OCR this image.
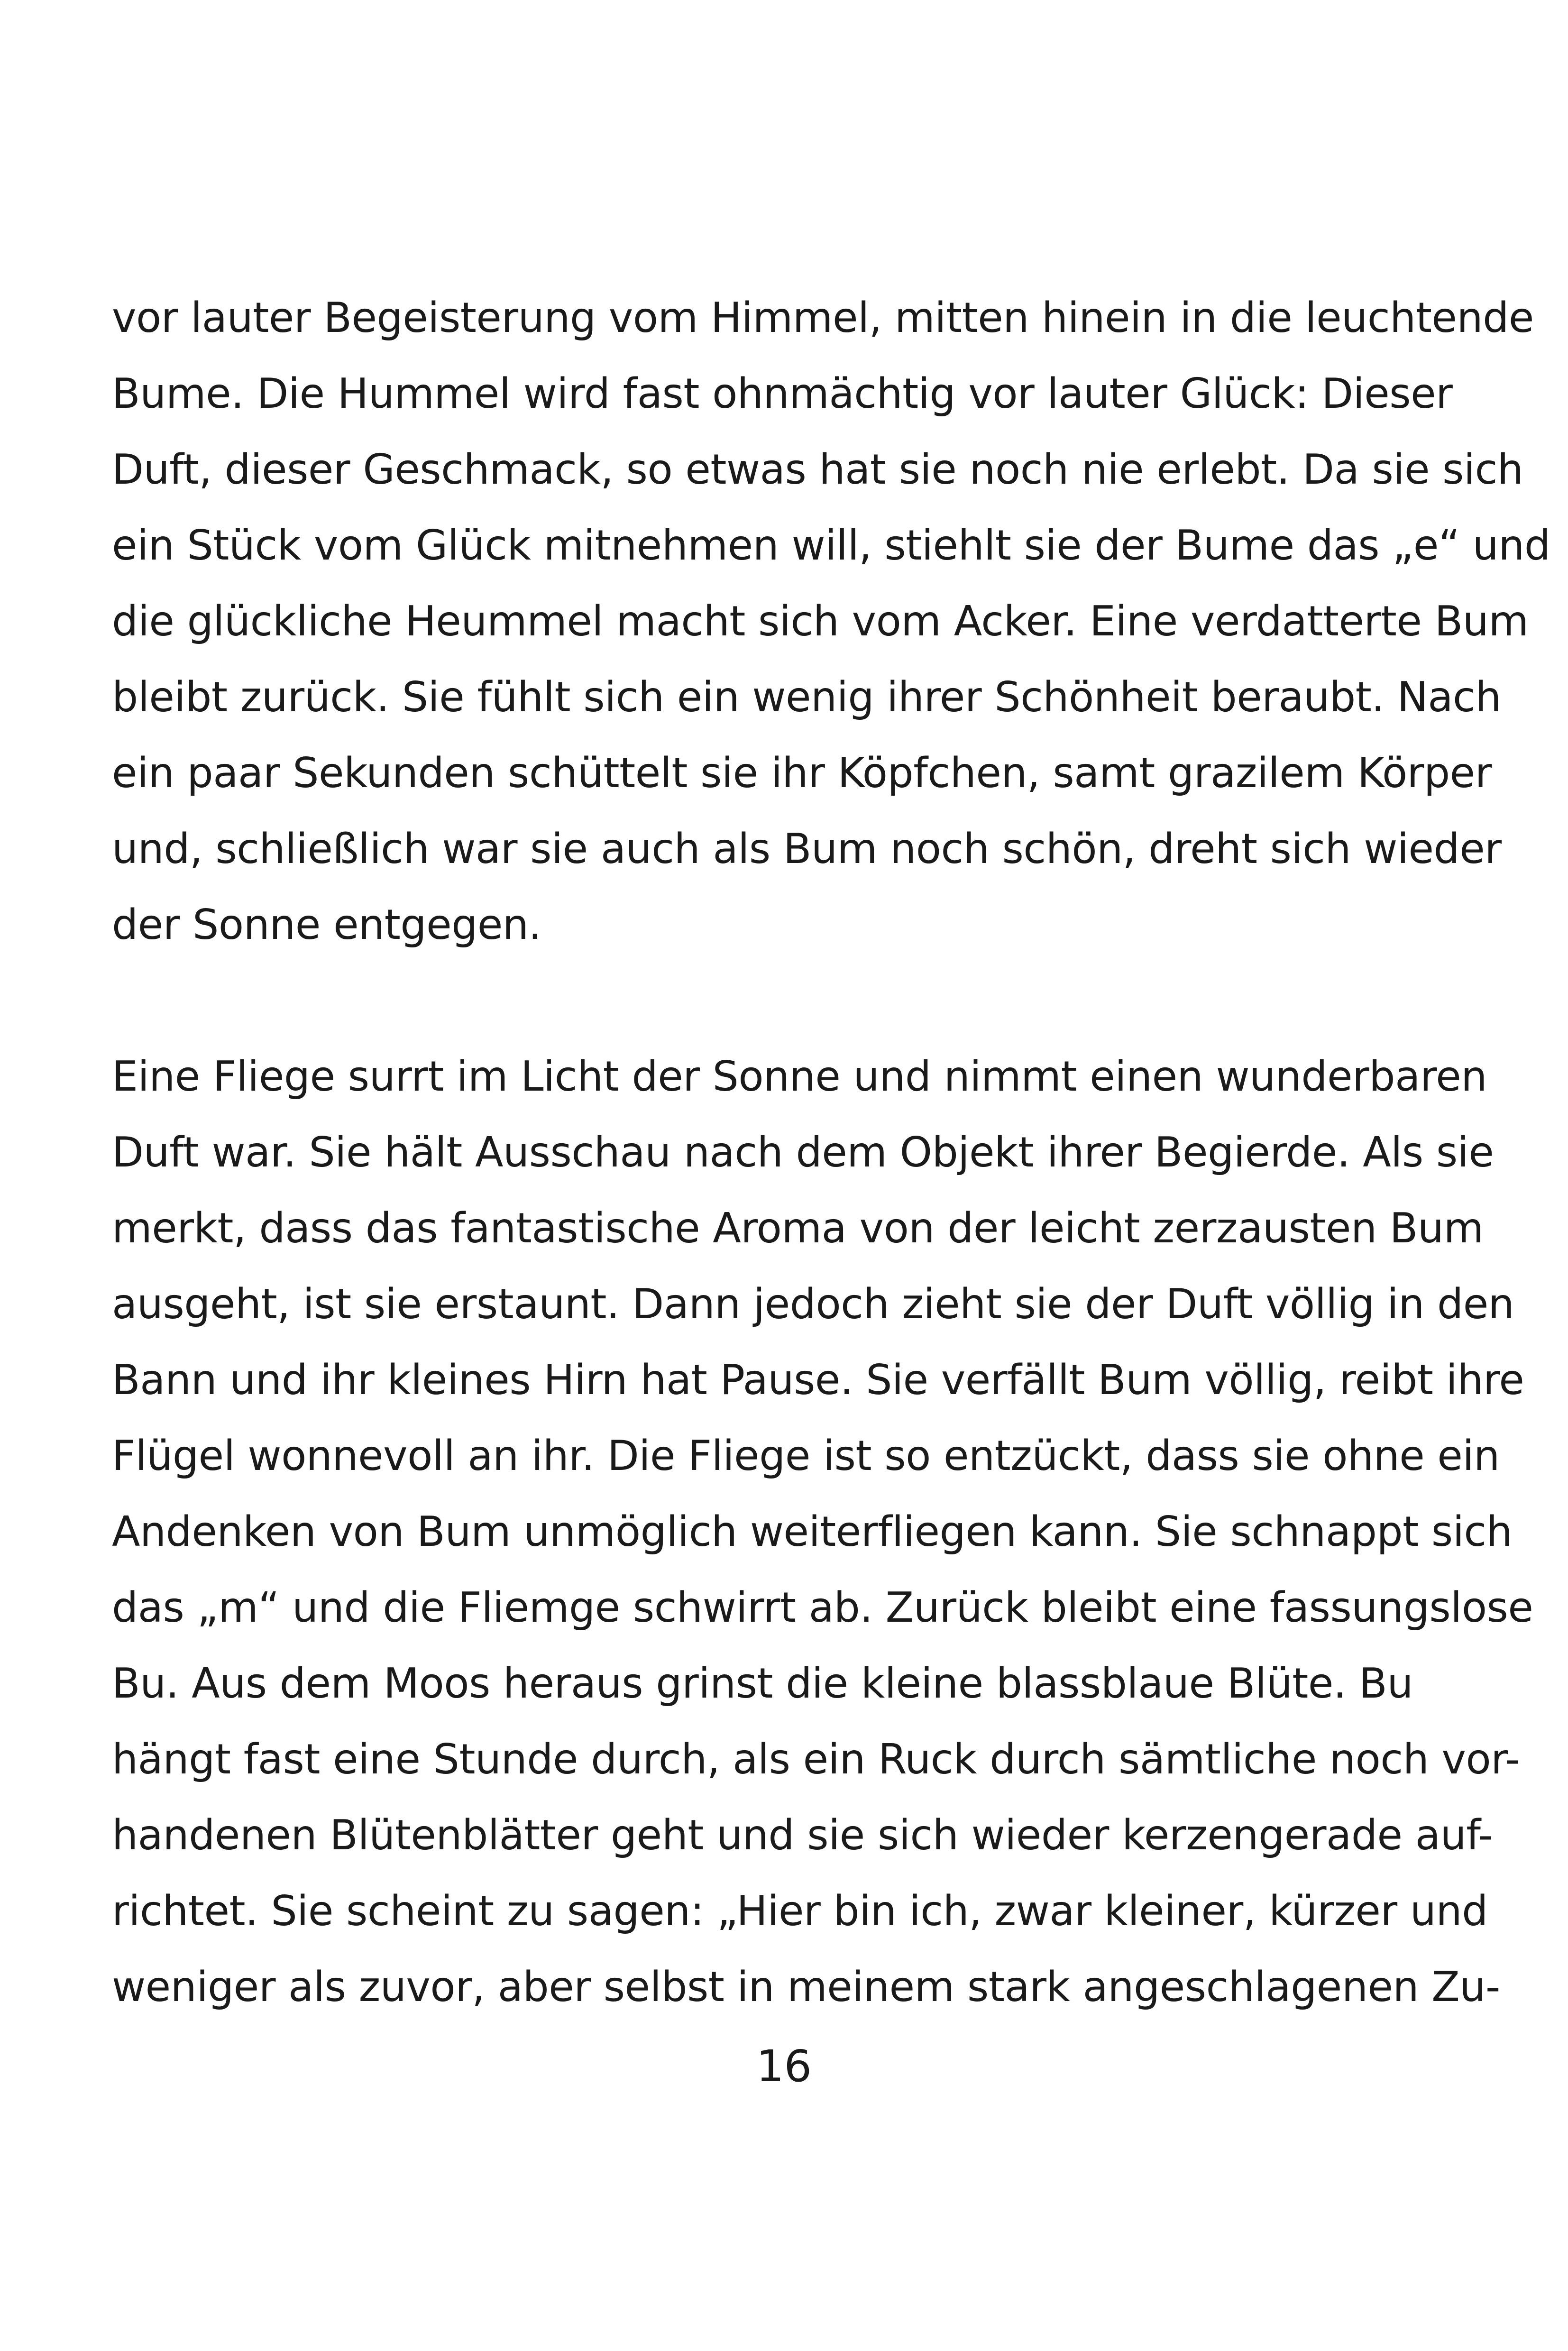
vor lauter Begeisterung vom Himmel, mitten hinein in die leuchtende
Bume. Die Hummel wird fast ohnmächtig vor lauter Glück: Dieser
Duft, dieser Geschmack, so etwas hat sie noch nie erlebt. Da sie sich
ein Stück vom Glück mitnehmen will, stiehlt sie der Bume das „e“ und
die glückliche Heummel macht sich vom Acker. Eine verdatterte Bum
bleibt zurück. Sie fühlt sich ein wenig ihrer Schönheit beraubt. Nach
ein paar Sekunden schüttelt sie ihr Köpfchen, samt grazilem Körper
und, schließlich war sie auch als Bum noch schön, dreht sich wieder
der Sonne entgegen.
Eine Fliege surrt im Licht der Sonne und nimmt einen wunderbaren
Duft war. Sie hält Ausschau nach dem Objekt ihrer Begierde. Als sie
merkt, dass das fantastische Aroma von der leicht zerzausten Bum
ausgeht, ist sie erstaunt. Dann jedoch zieht sie der Duft völlig in den
Bann und ihr kleines Hirn hat Pause. Sie verfällt Bum völlig, reibt ihre
Flügel wonnevoll an ihr. Die Fliege ist so entzückt, dass sie ohne ein
Andenken von Bum unmöglich weiterfliegen kann. Sie schnappt sich
das „m“ und die Fliemge schwirrt ab. Zurück bleibt eine fassungslose
Bu. Aus dem Moos heraus grinst die kleine blassblaue Blüte. Bu
hängt fast eine Stunde durch, als ein Ruck durch sämtliche noch vor-
handenen Blütenblätter geht und sie sich wieder kerzengerade auf-
richtet. Sie scheint zu sagen: „Hier bin ich, zwar kleiner, kürzer und
weniger als zuvor, aber selbst in meinem stark angeschlagenen Zu-
16
